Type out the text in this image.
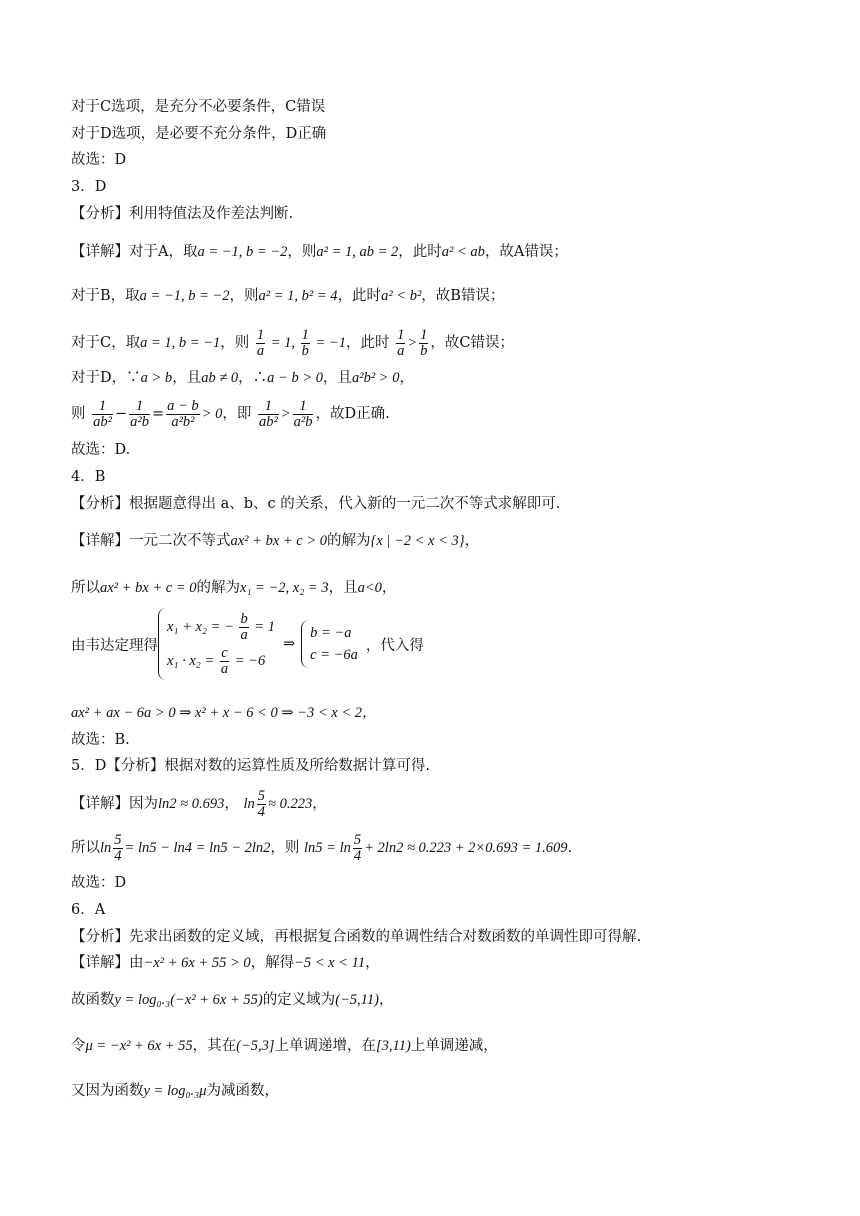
对于C选项，是充分不必要条件，C错误
对于D选项，是必要不充分条件，D正确
故选：D
3．D
【分析】利用特值法及作差法判断.
【详解】对于A，取a = −1, b = −2，则a² = 1, ab = 2，此时a² < ab，故A错误；
对于B，取a = −1, b = −2，则a² = 1, b² = 4，此时a² < b²，故B错误；
对于C，取a = 1, b = −1，则 $\frac{1}{a} = 1$, $\frac{1}{b} = -1$，此时 $\frac{1}{a} > \frac{1}{b}$ ，故C错误；
对于D，∵a > b，且ab ≠ 0，∴a − b > 0，且a²b² > 0，
则 $\frac{1}{\text{ab²}} - \frac{1}{\text{a²b}} = \frac{a - b}{\text{a²b²}} > 0$，即 $\frac{1}{\text{ab²}} > \frac{1}{\text{a²b}}$ ，故D正确.
故选：D.
4．B
【分析】根据题意得出 a、b、c 的关系，代入新的一元二次不等式求解即可.
【详解】一元二次不等式ax² + bx + c > 0的解为{x | −2 < x < 3}，
所以ax² + bx + c = 0的解为x₁ = −2, x₂ = 3，且a<0，
由韦达定理得
x₁ + x₂ = − $\frac{b}{a} = 1$
$x_1 \cdot x_2 = \frac{c}{a} = -6$
⇒
b = −a
c = −6a
，代入得
ax² + ax − 6a > 0 ⇒ x² + x − 6 < 0 ⇒ −3 < x < 2，
故选：B.
5．D【分析】根据对数的运算性质及所给数据计算可得.
【详解】因为ln2 ≈ 0.693， $\ln \frac{5}{4} \approx 0.223$，
所以$\ln \frac{5}{4} = \ln 5 - \ln 4 = \ln 5 - 2\ln 2$，则 $\ln 5 = \ln \frac{5}{4} + 2\ln 2 \approx 0.223 + 2\times 0.693 = 1.609$.
故选：D
6．A
【分析】先求出函数的定义域，再根据复合函数的单调性结合对数函数的单调性即可得解.
【详解】由−x² + 6x + 55 > 0，解得−5 < x < 11，
故函数y = log₀.₃(−x² + 6x + 55)的定义域为(−5,11)，
令μ = −x² + 6x + 55，其在(−5,3]上单调递增，在[3,11)上单调递减，
又因为函数y = log₀.₃μ为减函数，
